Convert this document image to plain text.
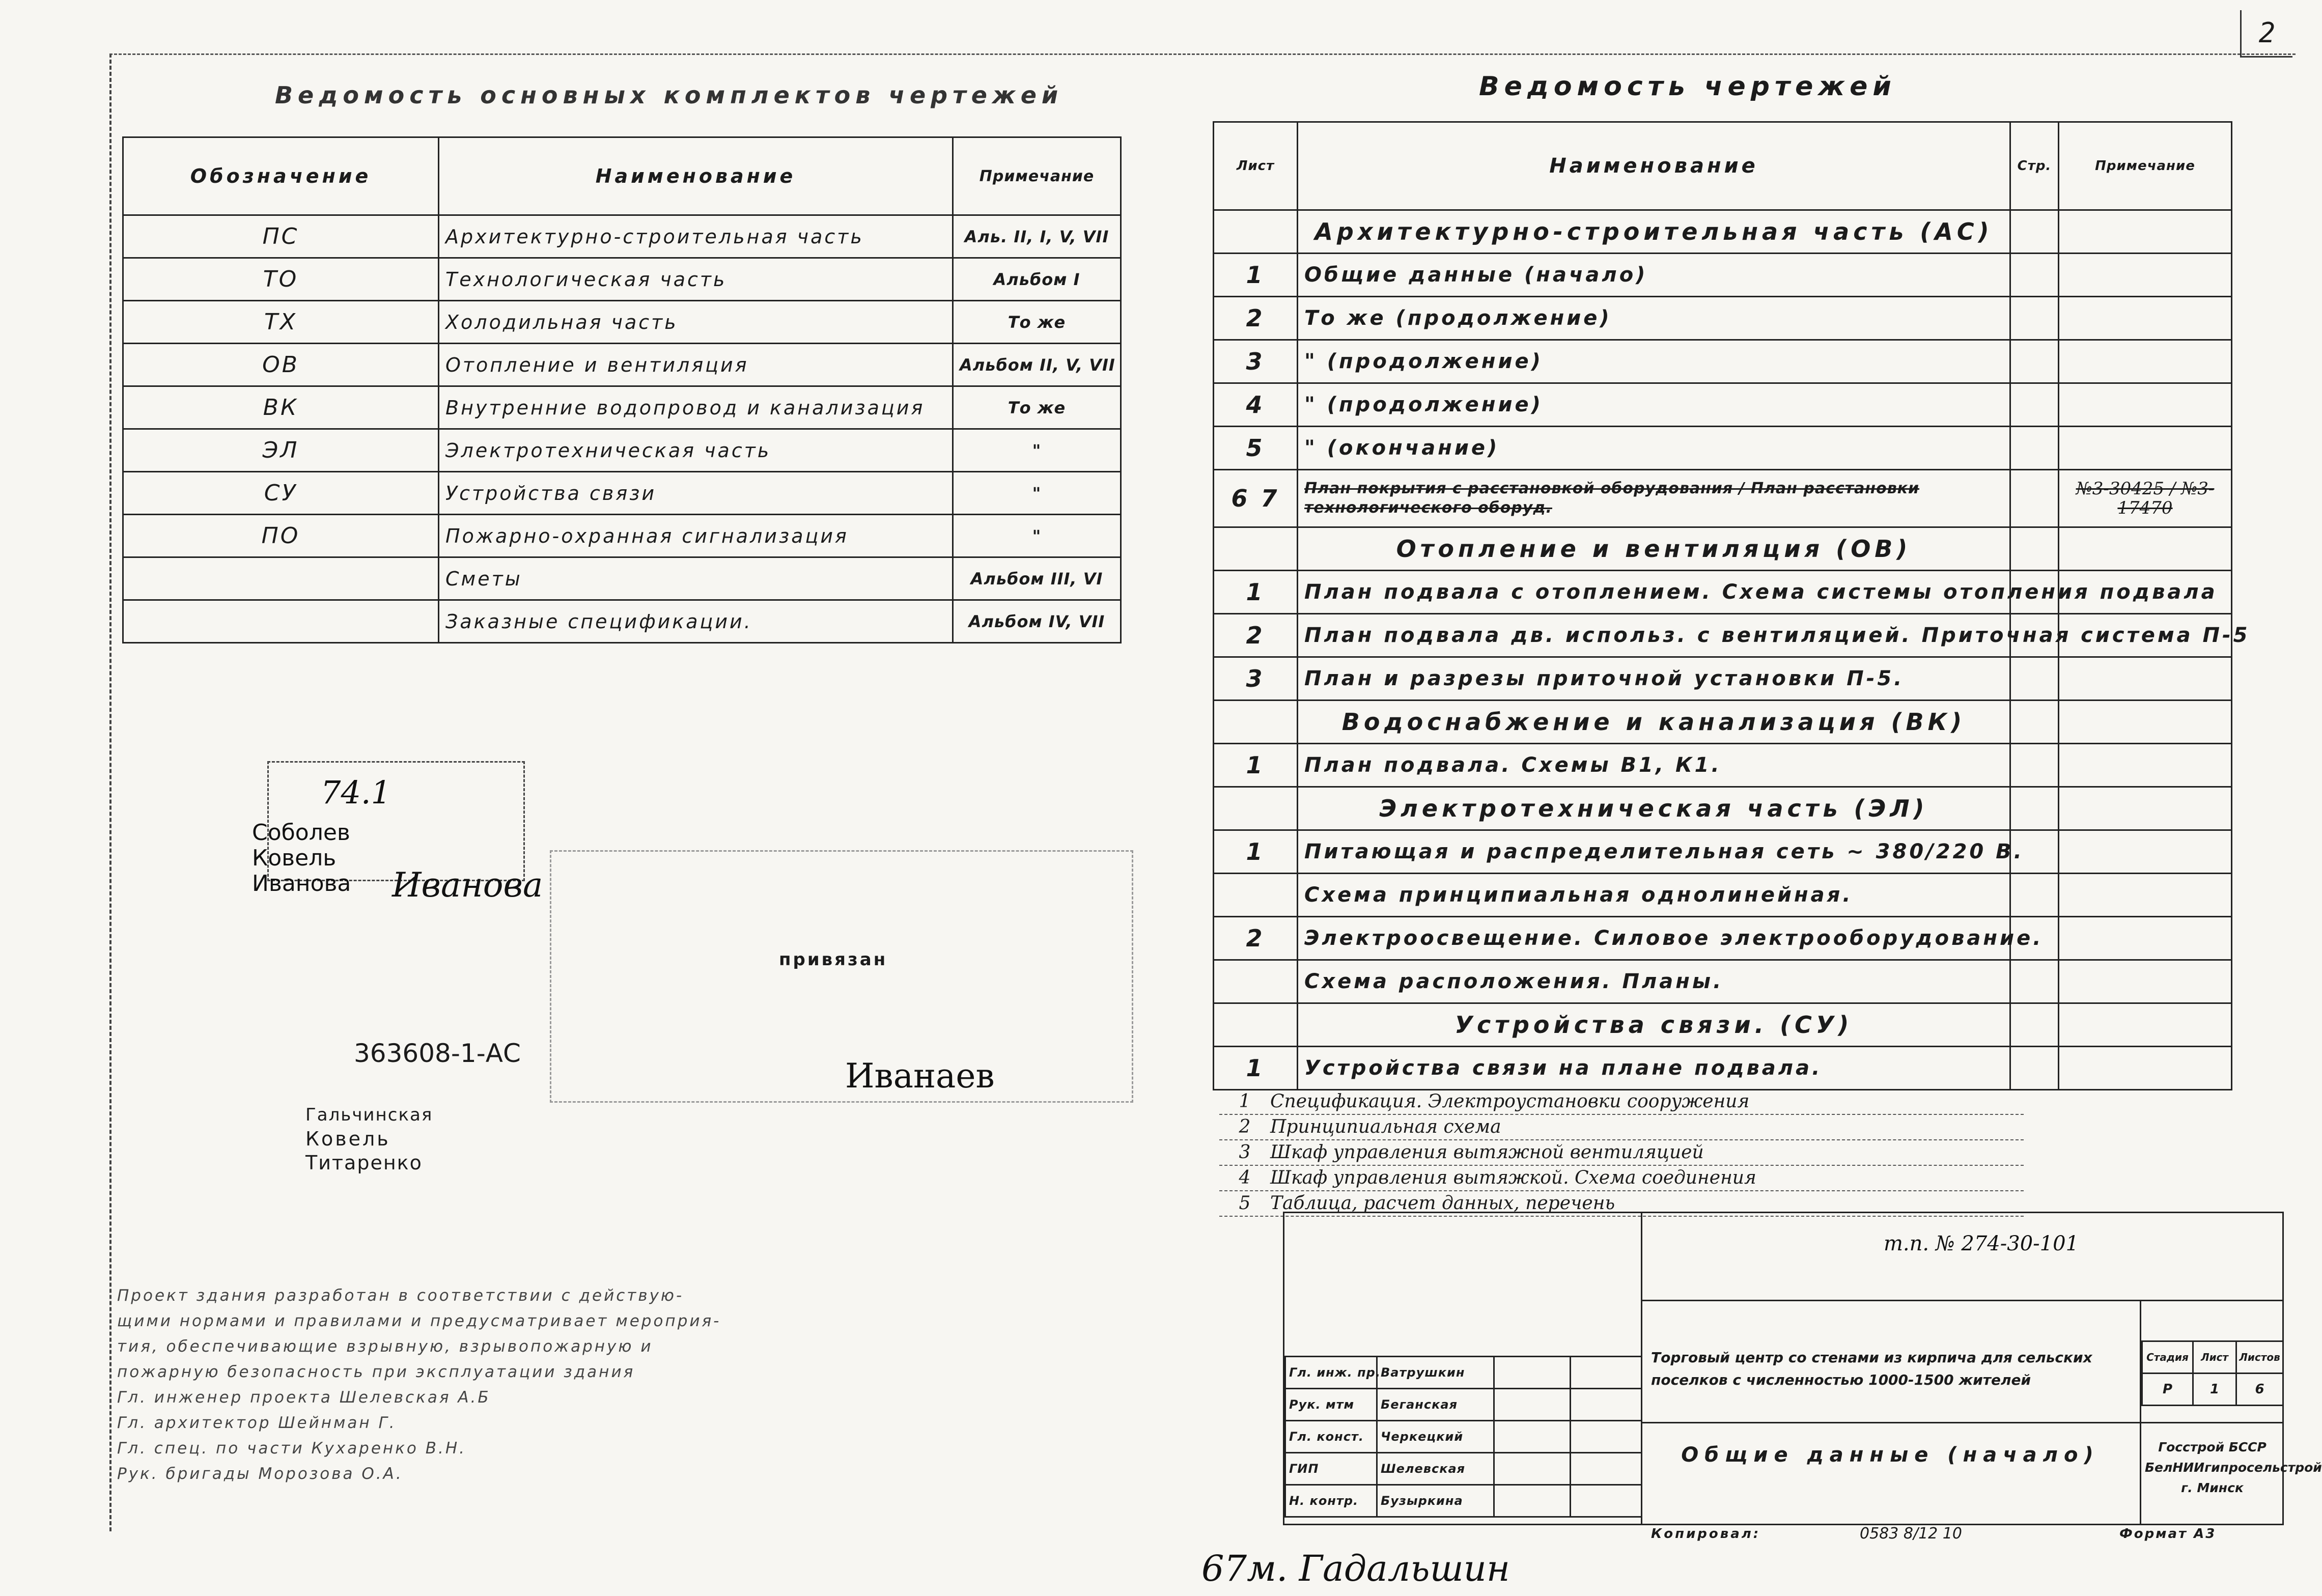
2
Ведомость основных комплектов чертежей
Обозначение	Наименование	Примечание
ПС	Архитектурно-строительная часть	Аль. II, I, V, VII
ТО	Технологическая часть	Альбом I
ТХ	Холодильная часть	То же
ОВ	Отопление и вентиляция	Альбом II, V, VII
ВК	Внутренние водопровод и канализация	То же
ЭЛ	Электротехническая часть	"
СУ	Устройства связи	"
ПО	Пожарно-охранная сигнализация	"
	Сметы	Альбом III, VI
	Заказные спецификации.	Альбом IV, VII
Ведомость чертежей
Лист	Наименование	Стр.	Примечание
	Архитектурно-строительная часть (АС)		
1	Общие данные (начало)		
2	То же (продолжение)		
3	" (продолжение)		
4	" (продолжение)		
5	" (окончание)		
6 7	План покрытия с расстановкой оборудования / План расстановки технологического оборуд.		№3-30425 / №3-17470
	Отопление и вентиляция (ОВ)		
1	План подвала с отоплением. Схема системы отопления подвала		
2	План подвала дв. использ. с вентиляцией. Приточная система П-5		
3	План и разрезы приточной установки П-5.		
	Водоснабжение и канализация (ВК)		
1	План подвала. Схемы В1, К1.		
	Электротехническая часть (ЭЛ)		
1	Питающая и распределительная сеть ~ 380/220 В.		
	Схема принципиальная однолинейная.		
2	Электроосвещение. Силовое электрооборудование.		
	Схема расположения. Планы.		
	Устройства связи. (СУ)		
1	Устройства связи на плане подвала.		
1 Спецификация. Электроустановки сооружения
2 Принципиальная схема
3 Шкаф управления вытяжной вентиляцией
4 Шкаф управления вытяжкой. Схема соединения
5 Таблица, расчет данных, перечень
т.п. № 274-30-101
74.1
Соболев
Ковель
Иванова Иванова
привязан
363608-1-АС
Иванаев
Гальчинская
Ковель
Титаренко
Проект здания разработан в соответствии с действую-
щими нормами и правилами и предусматривает мероприя-
тия, обеспечивающие взрывную, взрывопожарную и
пожарную безопасность при эксплуатации здания
Гл. инженер проекта Шелевская А.Б
Гл. архитектор Шейнман Г.
Гл. спец. по части Кухаренко В.Н.
Рук. бригады Морозова О.А.
Гл. инж. пр.	Ватрушкин		
Рук. мтм	Беганская		
Гл. конст.	Черкецкий		
ГИП	Шелевская		
Н. контр.	Бузыркина		
Торговый центр со стенами из кирпича для сельских поселков с численностью 1000-1500 жителей
Общие данные (начало)
Стадия	Лист	Листов
Р	1	6
Госстрой БССР БелНИИгипросельстрой г. Минск
Копировал:	0583 8/12 10	Формат А3
67м. Гадальшин
